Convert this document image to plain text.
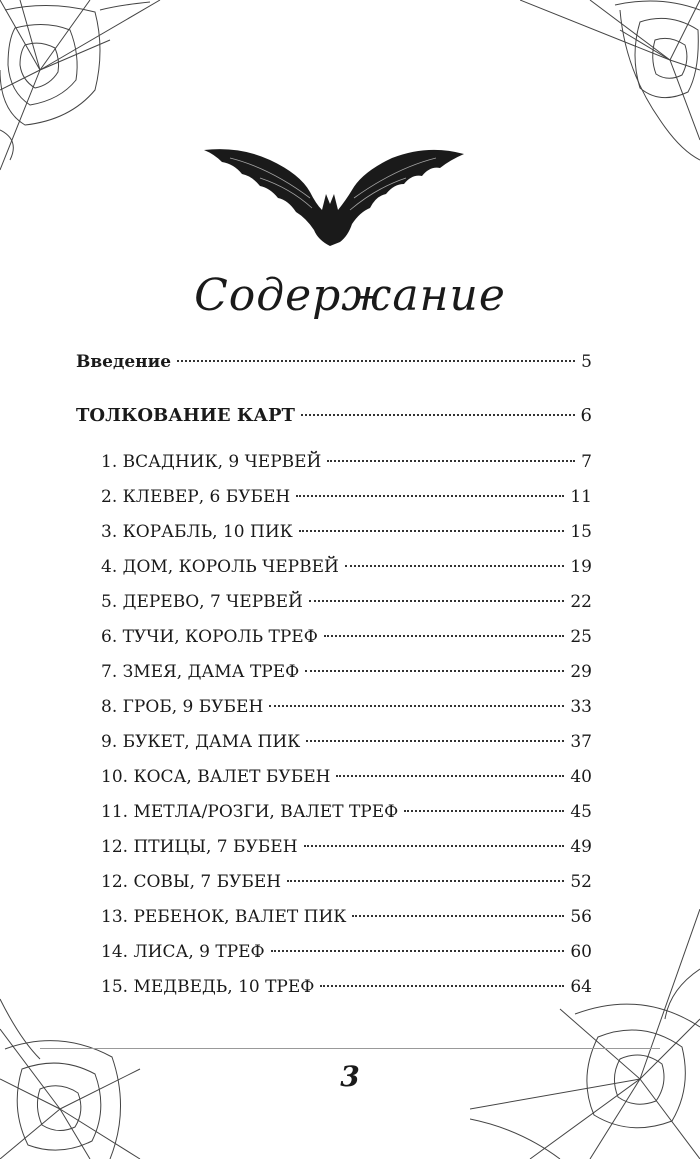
Содержание
Введение	5
ТОЛКОВАНИЕ КАРТ	6
1. ВСАДНИК, 9 ЧЕРВЕЙ	7
2. КЛЕВЕР, 6 БУБЕН	11
3. КОРАБЛЬ, 10 ПИК	15
4. ДОМ, КОРОЛЬ ЧЕРВЕЙ	19
5. ДЕРЕВО, 7 ЧЕРВЕЙ	22
6. ТУЧИ, КОРОЛЬ ТРЕФ	25
7. ЗМЕЯ, ДАМА ТРЕФ	29
8. ГРОБ, 9 БУБЕН	33
9. БУКЕТ, ДАМА ПИК	37
10. КОСА, ВАЛЕТ БУБЕН	40
11. МЕТЛА/РОЗГИ, ВАЛЕТ ТРЕФ	45
12. ПТИЦЫ, 7 БУБЕН	49
12. СОВЫ, 7 БУБЕН	52
13. РЕБЕНОК, ВАЛЕТ ПИК	56
14. ЛИСА, 9 ТРЕФ	60
15. МЕДВЕДЬ, 10 ТРЕФ	64
3
